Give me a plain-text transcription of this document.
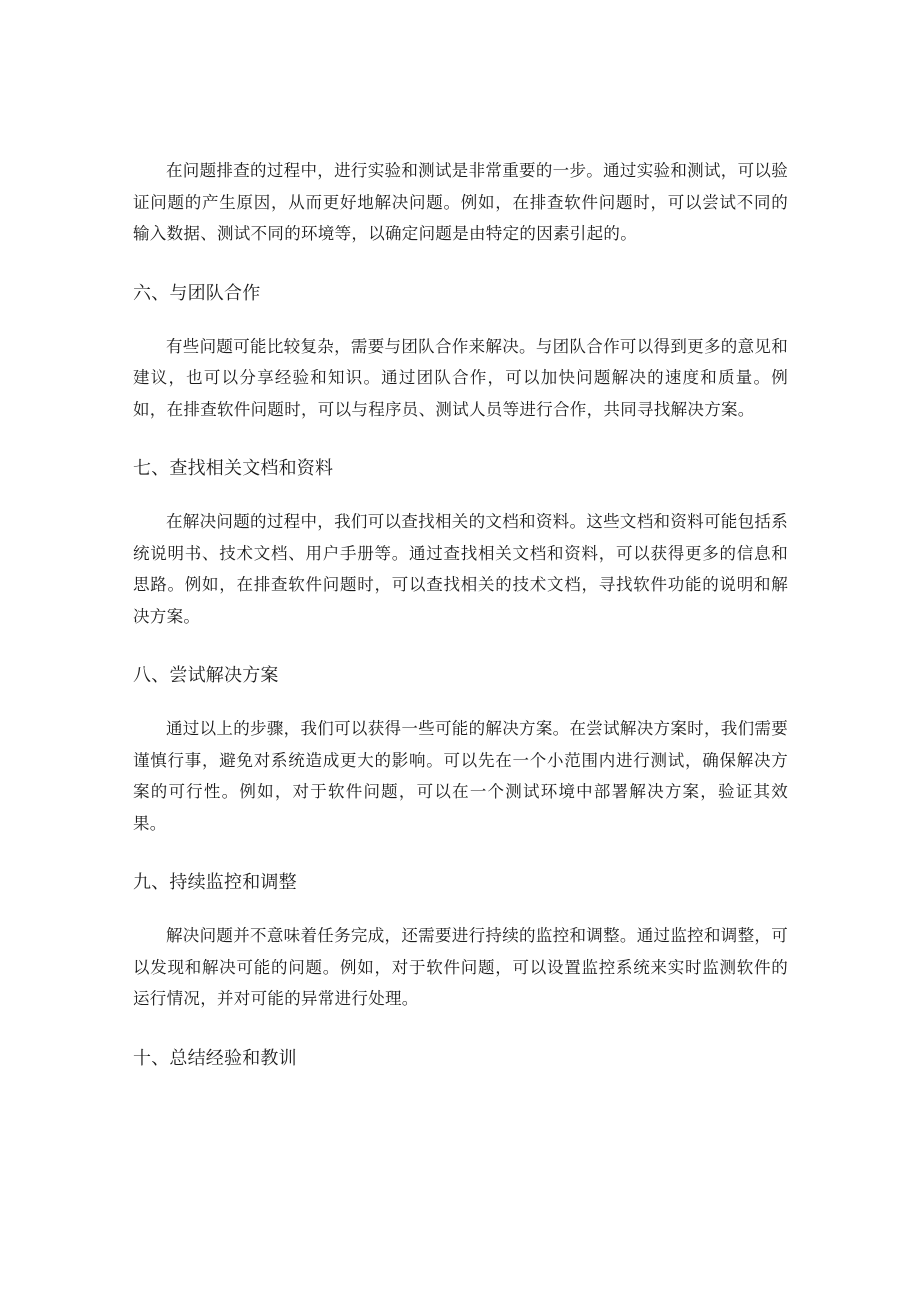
在问题排查的过程中，进行实验和测试是非常重要的一步。通过实验和测试，可以验证问题的产生原因，从而更好地解决问题。例如，在排查软件问题时，可以尝试不同的输入数据、测试不同的环境等，以确定问题是由特定的因素引起的。

六、与团队合作

有些问题可能比较复杂，需要与团队合作来解决。与团队合作可以得到更多的意见和建议，也可以分享经验和知识。通过团队合作，可以加快问题解决的速度和质量。例如，在排查软件问题时，可以与程序员、测试人员等进行合作，共同寻找解决方案。

七、查找相关文档和资料

在解决问题的过程中，我们可以查找相关的文档和资料。这些文档和资料可能包括系统说明书、技术文档、用户手册等。通过查找相关文档和资料，可以获得更多的信息和思路。例如，在排查软件问题时，可以查找相关的技术文档，寻找软件功能的说明和解决方案。

八、尝试解决方案

通过以上的步骤，我们可以获得一些可能的解决方案。在尝试解决方案时，我们需要谨慎行事，避免对系统造成更大的影响。可以先在一个小范围内进行测试，确保解决方案的可行性。例如，对于软件问题，可以在一个测试环境中部署解决方案，验证其效果。

九、持续监控和调整

解决问题并不意味着任务完成，还需要进行持续的监控和调整。通过监控和调整，可以发现和解决可能的问题。例如，对于软件问题，可以设置监控系统来实时监测软件的运行情况，并对可能的异常进行处理。

十、总结经验和教训
